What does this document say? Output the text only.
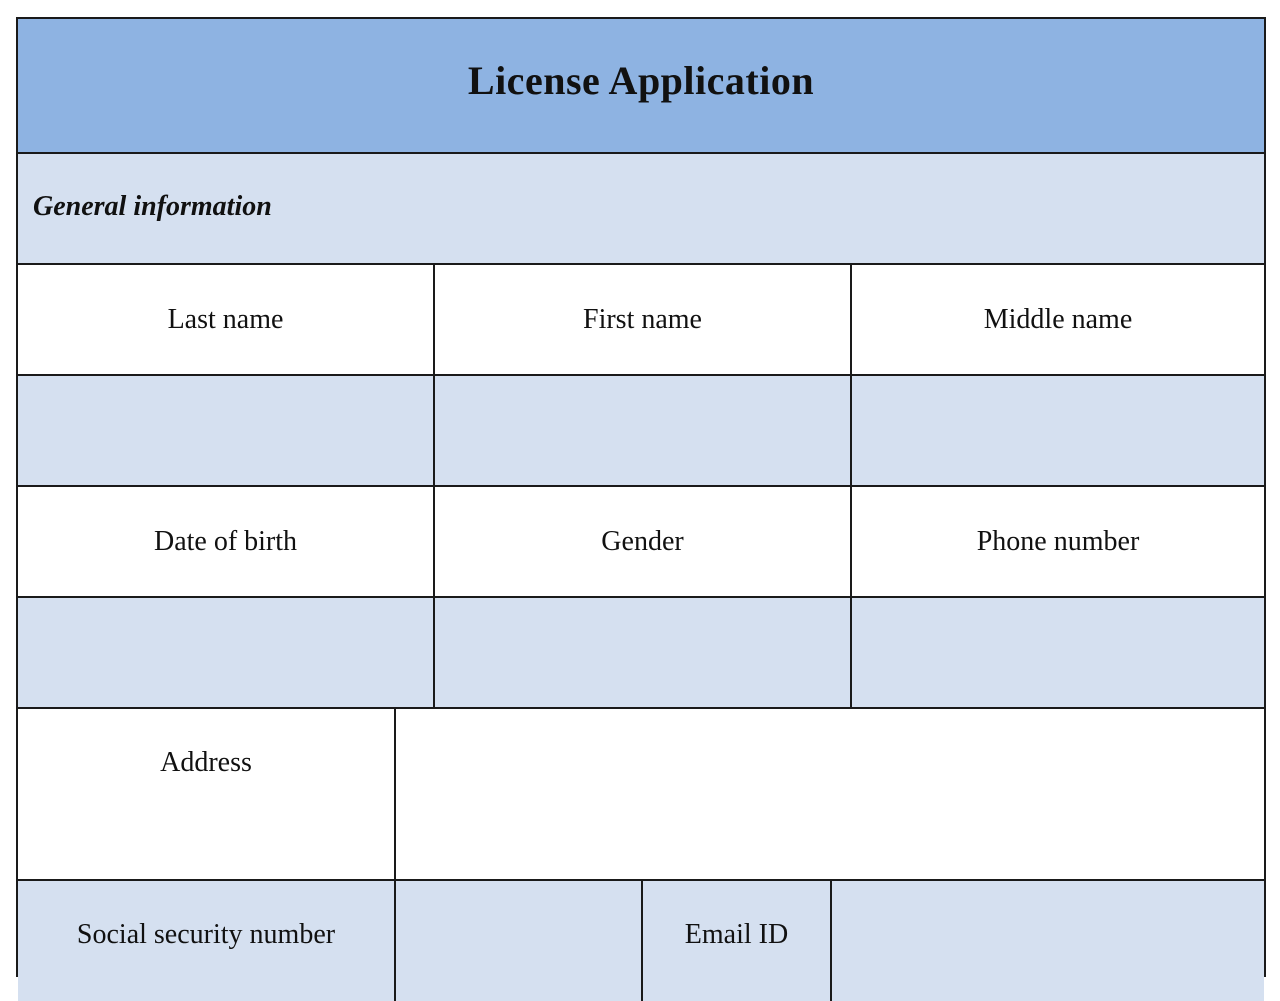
License Application
General information
Last name	First name	Middle name
Date of birth	Gender	Phone number
Address
Social security number	Email ID
